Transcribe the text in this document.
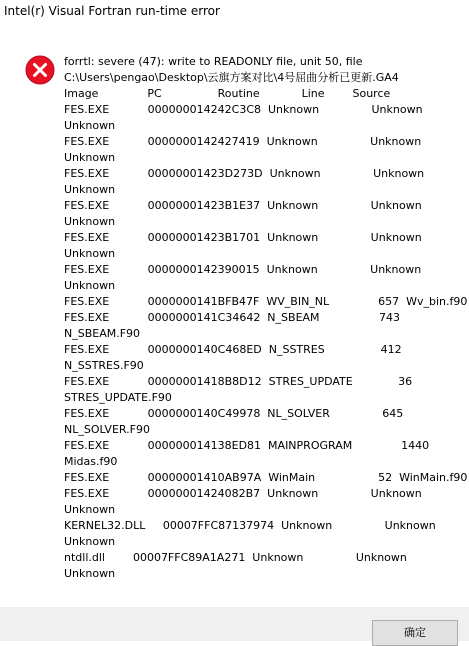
Intel(r) Visual Fortran run-time error
forrtl: severe (47): write to READONLY file, unit 50, file
C:\Users\pengao\Desktop\云旗方案对比\4号屈曲分析已更新.GA4
Image              PC                Routine            Line        Source
FES.EXE           000000014242C3C8  Unknown               Unknown
Unknown
FES.EXE           0000000142427419  Unknown               Unknown
Unknown
FES.EXE           00000001423D273D  Unknown               Unknown
Unknown
FES.EXE           00000001423B1E37  Unknown               Unknown
Unknown
FES.EXE           00000001423B1701  Unknown               Unknown
Unknown
FES.EXE           0000000142390015  Unknown               Unknown
Unknown
FES.EXE           0000000141BFB47F  WV_BIN_NL              657  Wv_bin.f90
FES.EXE           0000000141C34642  N_SBEAM                 743
N_SBEAM.F90
FES.EXE           0000000140C468ED  N_SSTRES                412
N_SSTRES.F90
FES.EXE           00000001418B8D12  STRES_UPDATE             36
STRES_UPDATE.F90
FES.EXE           0000000140C49978  NL_SOLVER               645
NL_SOLVER.F90
FES.EXE           000000014138ED81  MAINPROGRAM              1440
Midas.f90
FES.EXE           00000001410AB97A  WinMain                  52  WinMain.f90
FES.EXE           00000001424082B7  Unknown               Unknown
Unknown
KERNEL32.DLL     00007FFC87137974  Unknown               Unknown
Unknown
ntdll.dll        00007FFC89A1A271  Unknown               Unknown
Unknown
确定
